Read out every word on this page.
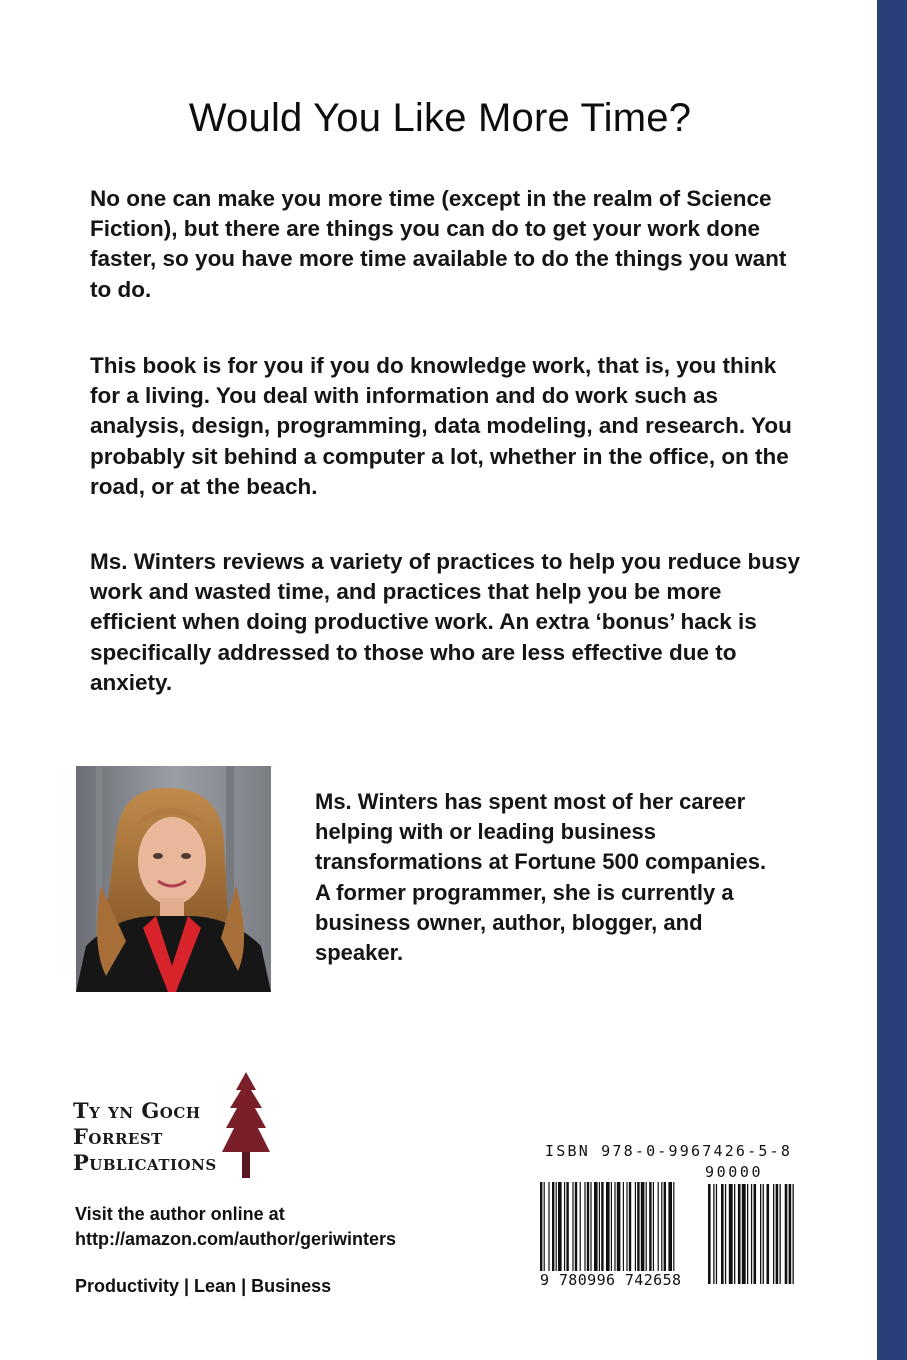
Would You Like More Time?

No one can make you more time (except in the realm of Science Fiction), but there are things you can do to get your work done faster, so you have more time available to do the things you want to do.

This book is for you if you do knowledge work, that is, you think for a living. You deal with information and do work such as analysis, design, programming, data modeling, and research. You probably sit behind a computer a lot, whether in the office, on the road, or at the beach.

Ms. Winters reviews a variety of practices to help you reduce busy work and wasted time, and practices that help you be more efficient when doing productive work. An extra ‘bonus’ hack is specifically addressed to those who are less effective due to anxiety.

Ms. Winters has spent most of her career helping with or leading business transformations at Fortune 500 companies. A former programmer, she is currently a business owner, author, blogger, and speaker.

Ty yn Goch
Forrest
Publications
Visit the author online at
http://amazon.com/author/geriwinters
Productivity | Lean | Business
ISBN 978-0-9967426-5-8
90000
9 780996 742658
